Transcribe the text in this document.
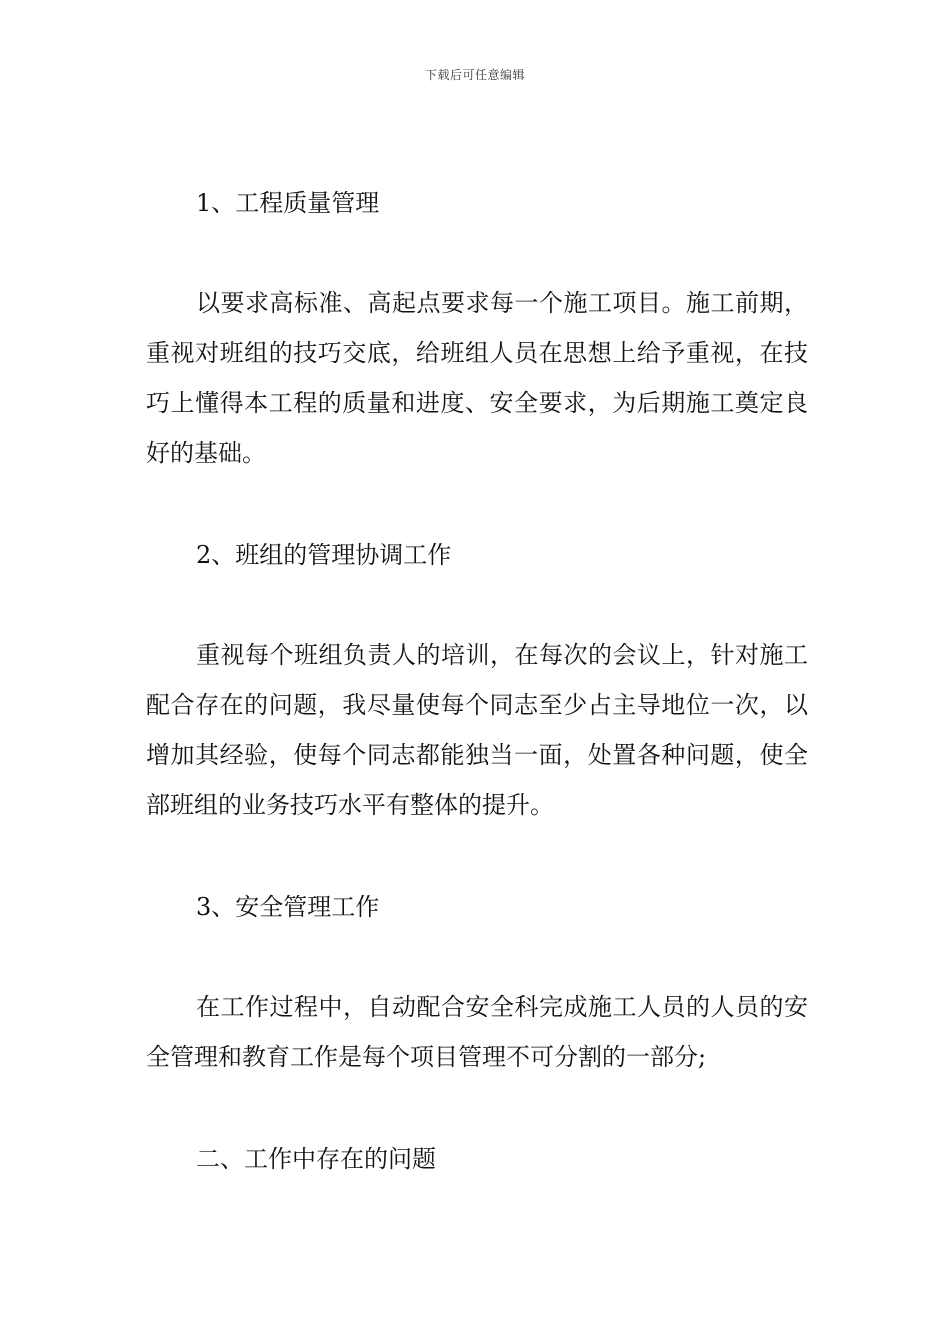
下载后可任意编辑

1、工程质量管理

以要求高标准、高起点要求每一个施工项目。施工前期，重视对班组的技巧交底，给班组人员在思想上给予重视，在技巧上懂得本工程的质量和进度、安全要求，为后期施工奠定良好的基础。

2、班组的管理协调工作

重视每个班组负责人的培训，在每次的会议上，针对施工配合存在的问题，我尽量使每个同志至少占主导地位一次，以增加其经验，使每个同志都能独当一面，处置各种问题，使全部班组的业务技巧水平有整体的提升。

3、安全管理工作

在工作过程中，自动配合安全科完成施工人员的人员的安全管理和教育工作是每个项目管理不可分割的一部分;

二、工作中存在的问题
